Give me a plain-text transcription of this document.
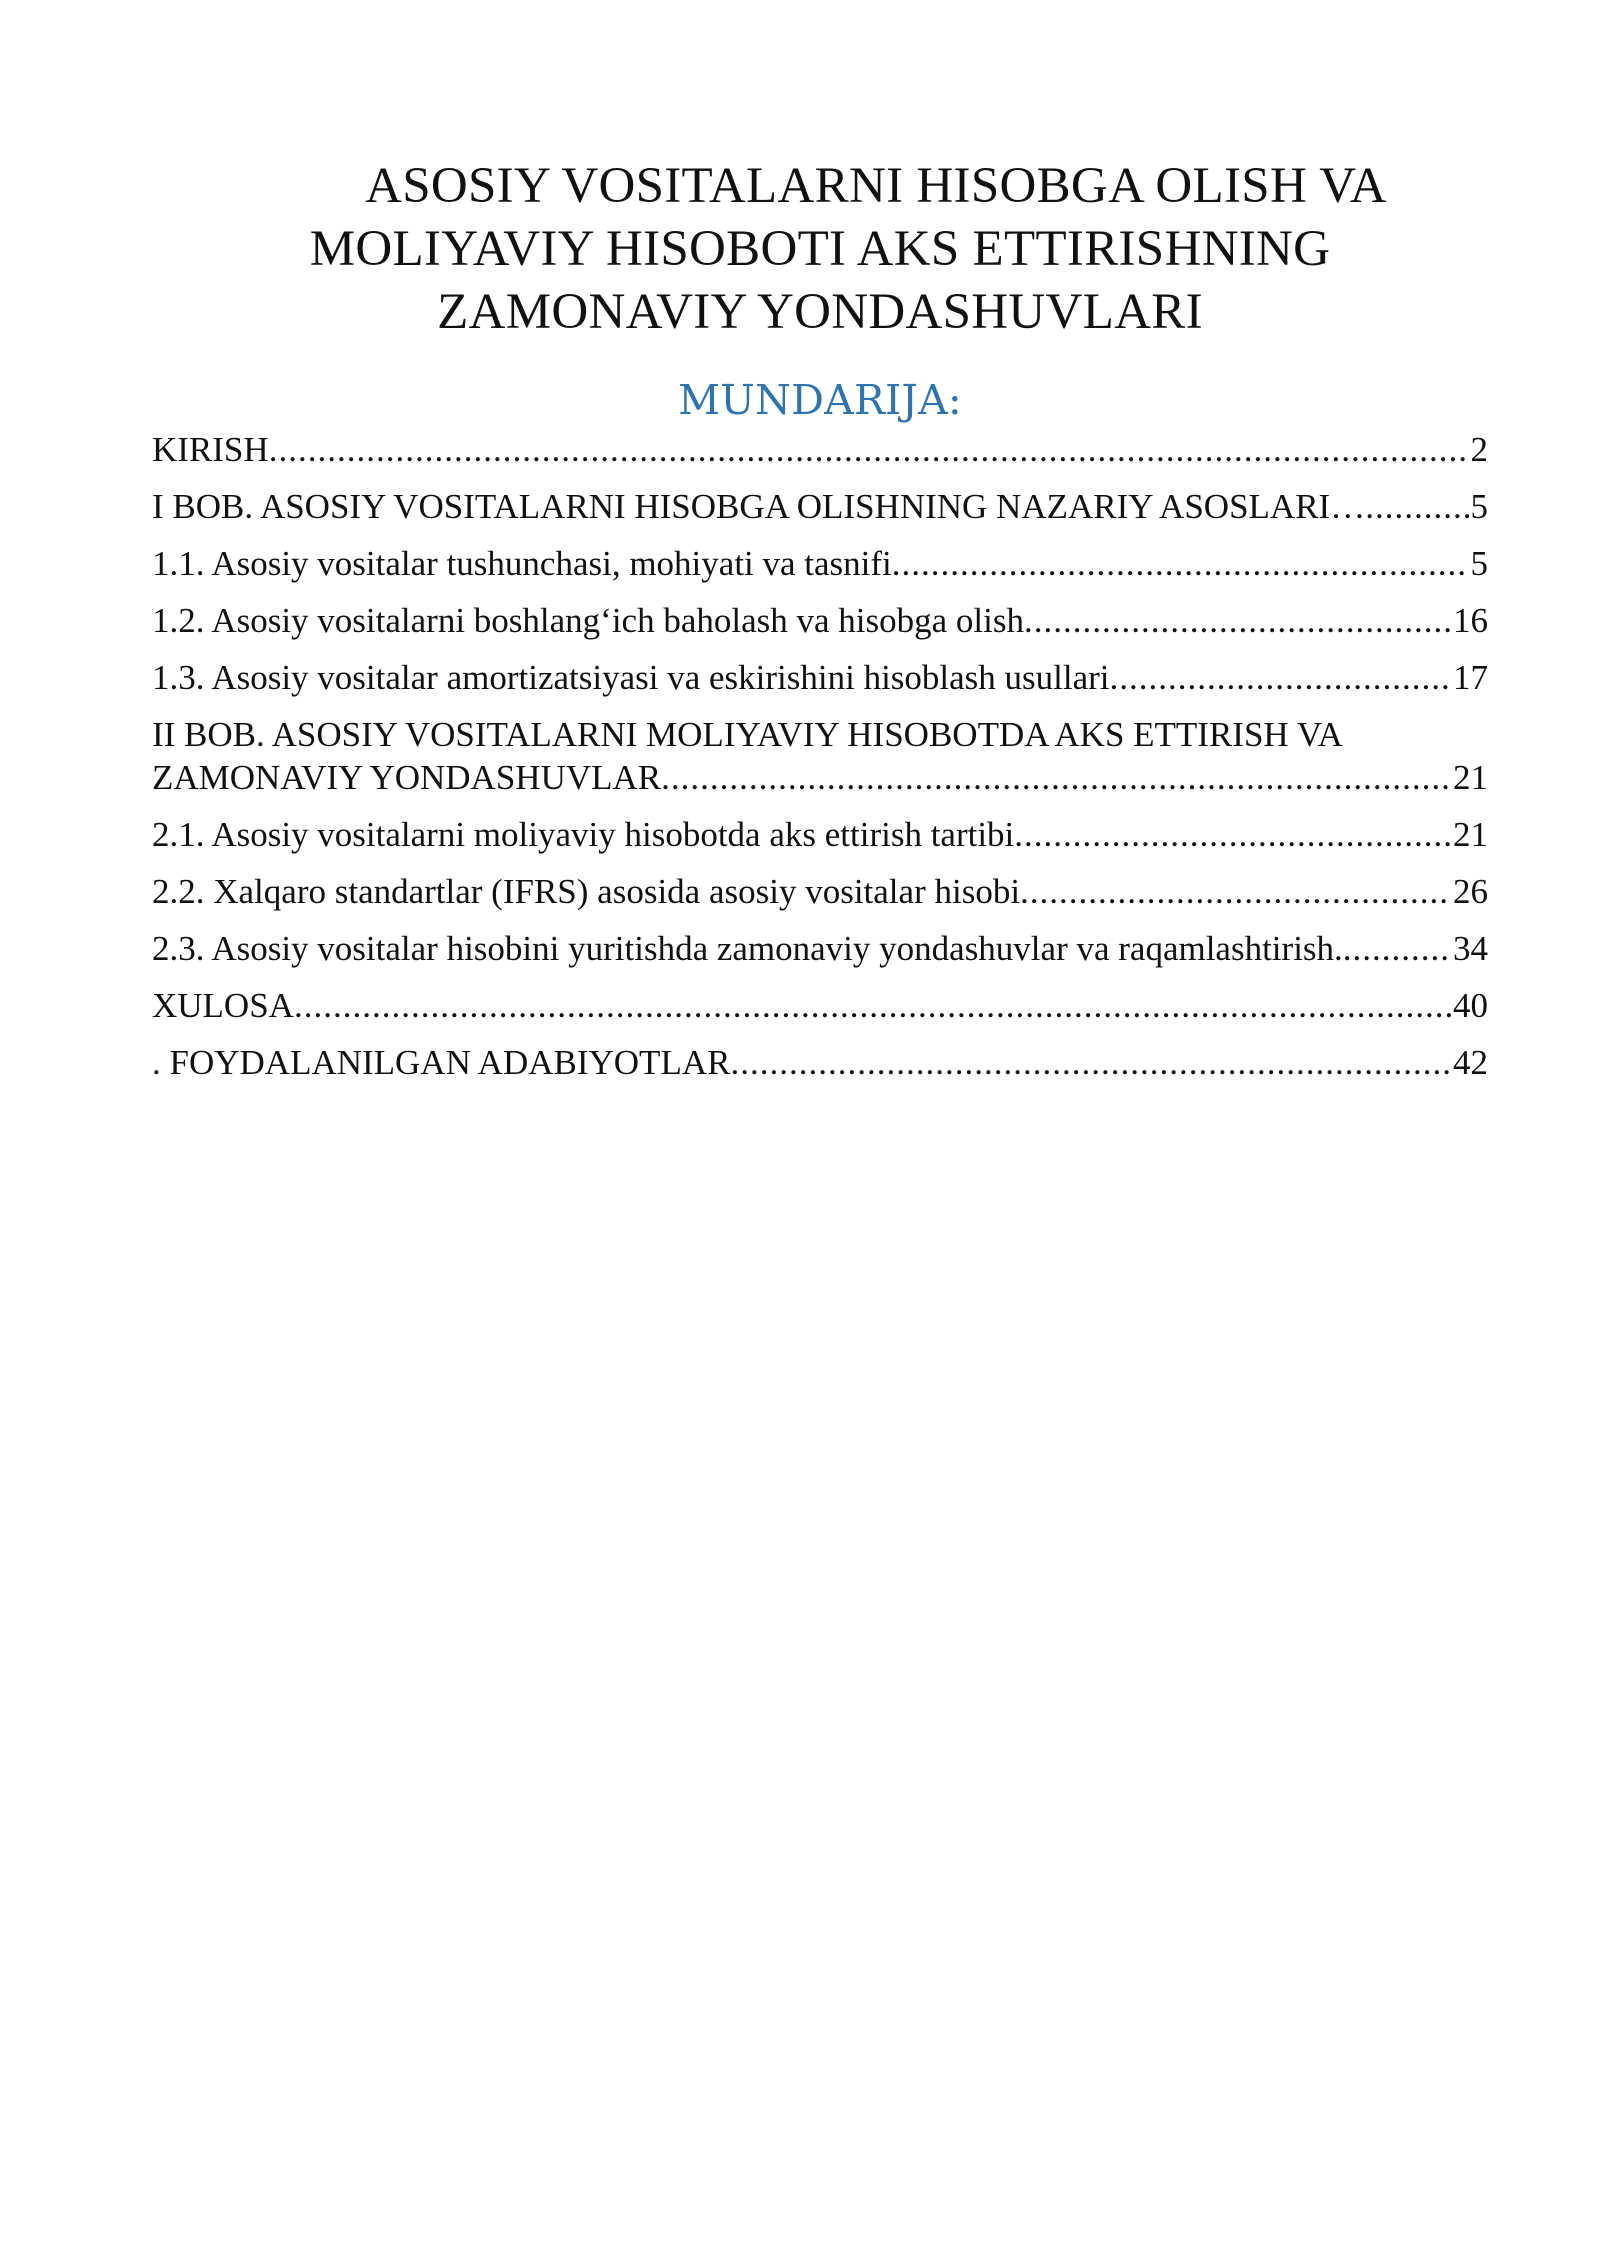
ASOSIY VOSITALARNI HISOBGA OLISH VA
MOLIYAVIY HISOBOTI AKS ETTIRISHNING
ZAMONAVIY YONDASHUVLARI
MUNDARIJA:
KIRISH .....	2
I BOB. ASOSIY VOSITALARNI HISOBGA OLISHNING NAZARIY ASOSLARI… .....	5
1.1. Asosiy vositalar tushunchasi, mohiyati va tasnifi .....	5
1.2. Asosiy vositalarni boshlang‘ich baholash va hisobga olish .....	16
1.3. Asosiy vositalar amortizatsiyasi va eskirishini hisoblash usullari .....	17
II BOB. ASOSIY VOSITALARNI MOLIYAVIY HISOBOTDA AKS ETTIRISH VA
ZAMONAVIY YONDASHUVLAR .....	21
2.1. Asosiy vositalarni moliyaviy hisobotda aks ettirish tartibi .....	21
2.2. Xalqaro standartlar (IFRS) asosida asosiy vositalar hisobi .....	26
2.3. Asosiy vositalar hisobini yuritishda zamonaviy yondashuvlar va raqamlashtirish. .....	34
XULOSA .....	40
. FOYDALANILGAN ADABIYOTLAR .....	42
